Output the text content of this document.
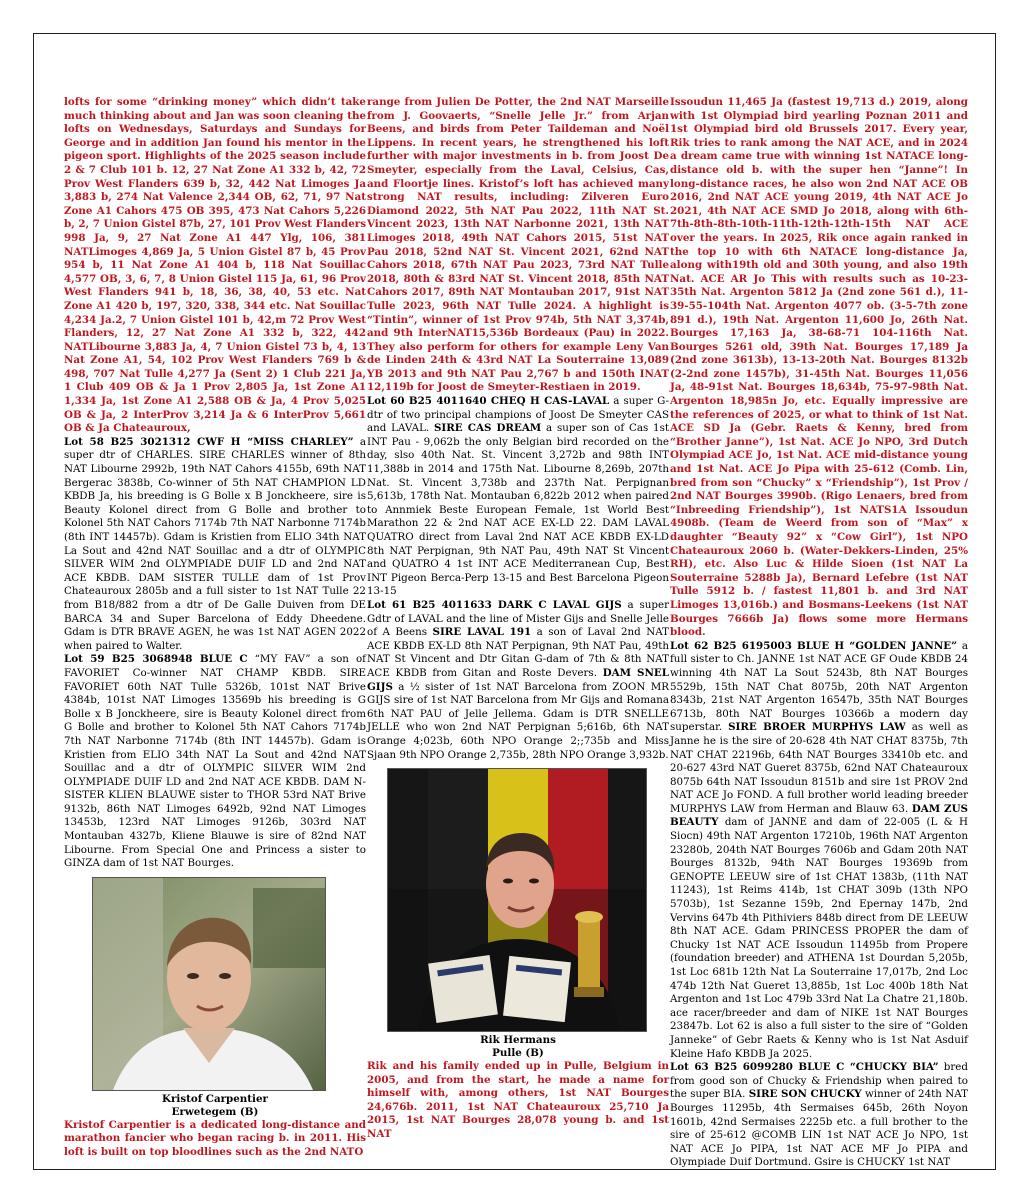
lofts for some “drinking money” which didn’t take much thinking about and Jan was soon cleaning the lofts on Wednesdays, Saturdays and Sundays for George and in addition Jan found his mentor in the pigeon sport. Highlights of the 2025 season include 2 & 7 Club 101 b. 12, 27 Nat Zone A1 332 b, 42, 72 Prov West Flanders 639 b, 32, 442 Nat Limoges Ja 3,883 b, 274 Nat Valence 2,344 OB, 62, 71, 97 Nat Zone A1 Cahors 475 OB 395, 473 Nat Cahors 5,226 b, 2, 7 Union Gistel 87b, 27, 101 Prov West Flanders 998 Ja, 9, 27 Nat Zone A1 447 Ylg, 106, 381 NATLimoges 4,869 Ja, 5 Union Gistel 87 b, 45 Prov 954 b, 11 Nat Zone A1 404 b, 118 Nat Souillac 4,577 OB, 3, 6, 7, 8 Union Gistel 115 Ja, 61, 96 Prov West Flanders 941 b, 18, 36, 38, 40, 53 etc. Nat Zone A1 420 b, 197, 320, 338, 344 etc. Nat Souillac 4,234 Ja.2, 7 Union Gistel 101 b, 42,m 72 Prov West Flanders, 12, 27 Nat Zone A1 332 b, 322, 442 NATLibourne 3,883 Ja, 4, 7 Union Gistel 73 b, 4, 13 Nat Zone A1, 54, 102 Prov West Flanders 769 b & 498, 707 Nat Tulle 4,277 Ja (Sent 2) 1 Club 221 Ja, 1 Club 409 OB & Ja 1 Prov 2,805 Ja, 1st Zone A1 1,334 Ja, 1st Zone A1 2,588 OB & Ja, 4 Prov 5,025 OB & Ja, 2 InterProv 3,214 Ja & 6 InterProv 5,661 OB & Ja Chateauroux,

Lot 58 B25 3021312 CWF H “MISS CHARLEY” a super dtr of CHARLES. SIRE CHARLES winner of 8th NAT Libourne 2992b, 19th NAT Cahors 4155b, 69th NAT Bergerac 3838b, Co-winner of 5th NAT CHAMPION LD KBDB Ja, his breeding is G Bolle x B Jonckheere, sire is Beauty Kolonel direct from G Bolle and brother to Kolonel 5th NAT Cahors 7174b 7th NAT Narbonne 7174b (8th INT 14457b). Gdam is Kristien from ELIO 34th NAT La Sout and 42nd NAT Souillac and a dtr of OLYMPIC SILVER WIM 2nd OLYMPIADE DUIF LD and 2nd NAT ACE KBDB. DAM SISTER TULLE dam of 1st Prov Chateauroux 2805b and a full sister to 1st NAT Tulle 22 from B18/882 from a dtr of De Galle Duiven from DE BARCA 34 and Super Barcelona of Eddy Dheedene. Gdam is DTR BRAVE AGEN, he was 1st NAT AGEN 2022 when paired to Walter.

Lot 59 B25 3068948 BLUE C “MY FAV” a son of FAVORIET Co-winner NAT CHAMP KBDB. SIRE FAVORIET 60th NAT Tulle 5326b, 101st NAT Brive 4384b, 101st NAT Limoges 13569b his breeding is G Bolle x B Jonckheere, sire is Beauty Kolonel direct from G Bolle and brother to Kolonel 5th NAT Cahors 7174b 7th NAT Narbonne 7174b (8th INT 14457b). Gdam is Kristien from ELIO 34th NAT La Sout and 42nd NAT Souillac and a dtr of OLYMPIC SILVER WIM 2nd OLYMPIADE DUIF LD and 2nd NAT ACE KBDB. DAM N-SISTER KLIEN BLAUWE sister to THOR 53rd NAT Brive 9132b, 86th NAT Limoges 6492b, 92nd NAT Limoges 13453b, 123rd NAT Limoges 9126b, 303rd NAT Montauban 4327b, Kliene Blauwe is sire of 82nd NAT Libourne. From Special One and Princess a sister to GINZA dam of 1st NAT Bourges.

Kristof Carpentier
Erwetegem (B)

Kristof Carpentier is a dedicated long-distance and marathon fancier who began racing b. in 2011. His loft is built on top bloodlines such as the 2nd NATO

range from Julien De Potter, the 2nd NAT Marseille from J. Goovaerts, “Snelle Jelle Jr.” from Arjan Beens, and birds from Peter Taildeman and Noël Lippens. In recent years, he strengthened his loft further with major investments in b. from Joost De Smeyter, especially from the Laval, Celsius, Cas, and Floortje lines. Kristof’s loft has achieved many strong NAT results, including: Zilveren Euro Diamond 2022, 5th NAT Pau 2022, 11th NAT St. Vincent 2023, 13th NAT Narbonne 2021, 13th NAT Limoges 2018, 49th NAT Cahors 2015, 51st NAT Pau 2018, 52nd NAT St. Vincent 2021, 62nd NAT Cahors 2018, 67th NAT Pau 2023, 73rd NAT Tulle 2018, 80th & 83rd NAT St. Vincent 2018, 85th NAT Cahors 2017, 89th NAT Montauban 2017, 91st NAT Tulle 2023, 96th NAT Tulle 2024. A highlight is “Tintin”, winner of 1st Prov 974b, 5th NAT 3,374b, and 9th InterNAT15,536b Bordeaux (Pau) in 2022. They also perform for others for example Leny Van de Linden 24th & 43rd NAT La Souterraine 13,089 YB 2013 and 9th NAT Pau 2,767 b and 150th INAT 12,119b for Joost de Smeyter-Restiaen in 2019.

Lot 60 B25 4011640 CHEQ H CAS-LAVAL a super G-dtr of two principal champions of Joost De Smeyter CAS and LAVAL. SIRE CAS DREAM a super son of Cas 1st INT Pau - 9,062b the only Belgian bird recorded on the day, slso 40th Nat. St. Vincent 3,272b and 98th INT 11,388b in 2014 and 175th Nat. Libourne 8,269b, 207th Nat. St. Vincent 3,738b and 237th Nat. Perpignan 5,613b, 178th Nat. Montauban 6,822b 2012 when paired to Annmiek Beste European Female, 1st World Best Marathon 22 & 2nd NAT ACE EX-LD 22. DAM LAVAL QUATRO direct from Laval 2nd NAT ACE KBDB EX-LD 8th NAT Perpignan, 9th NAT Pau, 49th NAT St Vincent and QUATRO 4 1st INT ACE Mediterranean Cup, Best INT Pigeon Berca-Perp 13-15 and Best Barcelona Pigeon 13-15

Lot 61 B25 4011633 DARK C LAVAL GIJS a super Gdtr of LAVAL and the line of Mister Gijs and Snelle Jelle of A Beens SIRE LAVAL 191 a son of Laval 2nd NAT ACE KBDB EX-LD 8th NAT Perpignan, 9th NAT Pau, 49th NAT St Vincent and Dtr Gitan G-dam of 7th & 8th NAT ACE KBDB from Gitan and Roste Devers. DAM SNEL GIJS a ½ sister of 1st NAT Barcelona from ZOON MR GIJS sire of 1st NAT Barcelona from Mr Gijs and Romana 6th NAT PAU of Jelle Jellema. Gdam is DTR SNELLE JELLE who won 2nd NAT Perpignan 5;616b, 6th NAT Orange 4;023b, 60th NPO Orange 2;;735b and Miss Sjaan 9th NPO Orange 2,735b, 28th NPO Orange 3,932b.

Rik Hermans
Pulle (B)

Rik and his family ended up in Pulle, Belgium in 2005, and from the start, he made a name for himself with, among others, 1st NAT Bourges 24,676b. 2011, 1st NAT Chateauroux 25,710 Ja 2015, 1st NAT Bourges 28,078 young b. and 1st NAT

Issoudun 11,465 Ja (fastest 19,713 d.) 2019, along with 1st Olympiad bird yearling Poznan 2011 and 1st Olympiad bird old Brussels 2017. Every year, Rik tries to rank among the NAT ACE, and in 2024 a dream came true with winning 1st NATACE long-distance old b. with the super hen “Janne”! In long-distance races, he also won 2nd NAT ACE OB 2016, 2nd NAT ACE young 2019, 4th NAT ACE Jo 2021, 4th NAT ACE SMD Jo 2018, along with 6th-7th-8th-8th-10th-11th-12th-12th-15th NAT ACE over the years. In 2025, Rik once again ranked in the top 10 with 6th NATACE long-distance Ja, along with19th old and 30th young, and also 19th Nat. ACE AR Jo This with results such as 10-23-35th Nat. Argenton 5812 Ja (2nd zone 561 d.), 11-39-55-104th Nat. Argenton 4077 ob. (3-5-7th zone 891 d.), 19th Nat. Argenton 11,600 Jo, 26th Nat. Bourges 17,163 Ja, 38-68-71 104-116th Nat. Bourges 5261 old, 39th Nat. Bourges 17,189 Ja (2nd zone 3613b), 13-13-20th Nat. Bourges 8132b (2-2nd zone 1457b), 31-45th Nat. Bourges 11,056 Ja, 48-91st Nat. Bourges 18,634b, 75-97-98th Nat. Argenton 18,985n Jo, etc. Equally impressive are the references of 2025, or what to think of 1st Nat. ACE SD Ja (Gebr. Raets & Kenny, bred from “Brother Janne”), 1st Nat. ACE Jo NPO, 3rd Dutch Olympiad ACE Jo, 1st Nat. ACE mid-distance young and 1st Nat. ACE Jo Pipa with 25-612 (Comb. Lin, bred from son “Chucky” x “Friendship”), 1st Prov / 2nd NAT Bourges 3990b. (Rigo Lenaers, bred from “Inbreeding Friendship”), 1st NATS1A Issoudun 4908b. (Team de Weerd from son of “Max” x daughter “Beauty 92” x “Cow Girl”), 1st NPO Chateauroux 2060 b. (Water-Dekkers-Linden, 25% RH), etc. Also Luc & Hilde Sioen (1st NAT La Souterraine 5288b Ja), Bernard Lefebre (1st NAT Tulle 5912 b. / fastest 11,801 b. and 3rd NAT Limoges 13,016b.) and Bosmans-Leekens (1st NAT Bourges 7666b Ja) flows some more Hermans blood.

Lot 62 B25 6195003 BLUE H “GOLDEN JANNE” a full sister to Ch. JANNE 1st NAT ACE GF Oude KBDB 24 winning 4th NAT La Sout 5243b, 8th NAT Bourges 5529b, 15th NAT Chat 8075b, 20th NAT Argenton 8343b, 21st NAT Argenton 16547b, 35th NAT Bourges 6713b, 80th NAT Bourges 10366b a modern day superstar. SIRE BROER MURPHYS LAW as well as Janne he is the sire of 20-628 4th NAT CHAT 8375b, 7th NAT CHAT 22196b, 64th NAT Bourges 33410b etc. and 20-627 43rd NAT Gueret 8375b, 62nd NAT Chateauroux 8075b 64th NAT Issoudun 8151b and sire 1st PROV 2nd NAT ACE Jo FOND. A full brother world leading breeder MURPHYS LAW from Herman and Blauw 63. DAM ZUS BEAUTY dam of JANNE and dam of 22-005 (L & H Siocn) 49th NAT Argenton 17210b, 196th NAT Argenton 23280b, 204th NAT Bourges 7606b and Gdam 20th NAT Bourges 8132b, 94th NAT Bourges 19369b from GENOPTE LEEUW sire of 1st CHAT 1383b, (11th NAT 11243), 1st Reims 414b, 1st CHAT 309b (13th NPO 5703b), 1st Sezanne 159b, 2nd Epernay 147b, 2nd Vervins 647b 4th Pithiviers 848b direct from DE LEEUW 8th NAT ACE. Gdam PRINCESS PROPER the dam of Chucky 1st NAT ACE Issoudun 11495b from Propere (foundation breeder) and ATHENA 1st Dourdan 5,205b, 1st Loc 681b 12th Nat La Souterraine 17,017b, 2nd Loc 474b 12th Nat Gueret 13,885b, 1st Loc 400b 18th Nat Argenton and 1st Loc 479b 33rd Nat La Chatre 21,180b. ace racer/breeder and dam of NIKE 1st NAT Bourges 23847b. Lot 62 is also a full sister to the sire of “Golden Janneke” of Gebr Raets & Kenny who is 1st Nat Asduif Kleine Hafo KBDB Ja 2025.

Lot 63 B25 6099280 BLUE C “CHUCKY BIA” bred from good son of Chucky & Friendship when paired to the super BIA. SIRE SON CHUCKY winner of 24th NAT Bourges 11295b, 4th Sermaises 645b, 26th Noyon 1601b, 42nd Sermaises 2225b etc. a full brother to the sire of 25-612 @COMB LIN 1st NAT ACE Jo NPO, 1st NAT ACE Jo PIPA, 1st NAT ACE MF Jo PIPA and Olympiade Duif Dortmund. Gsire is CHUCKY 1st NAT
